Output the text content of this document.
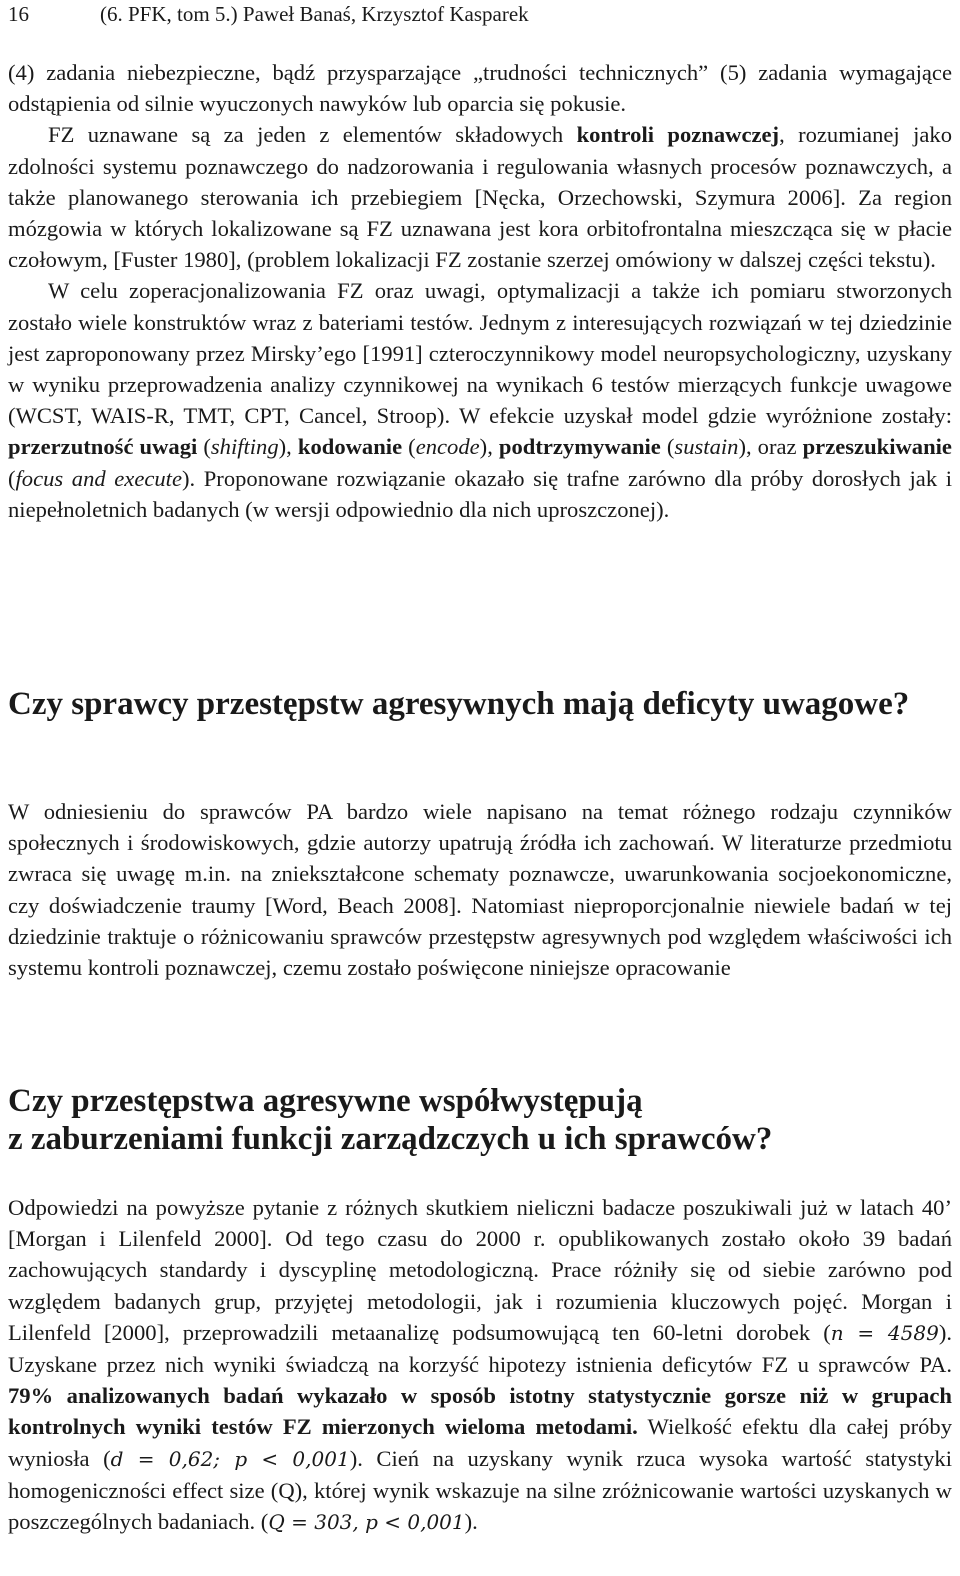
16	(6. PFK, tom 5.) Paweł Banaś, Krzysztof Kasparek

(4) zadania niebezpieczne, bądź przysparzające „trudności technicznych” (5) zadania wymagające odstąpienia od silnie wyuczonych nawyków lub oparcia się pokusie.

FZ uznawane są za jeden z elementów składowych kontroli poznawczej, rozumianej jako zdolności systemu poznawczego do nadzorowania i regulowania własnych procesów poznawczych, a także planowanego sterowania ich przebiegiem [Nęcka, Orzechowski, Szymura 2006]. Za region mózgowia w których lokalizowane są FZ uznawana jest kora orbitofrontalna mieszcząca się w płacie czołowym, [Fuster 1980], (problem lokalizacji FZ zostanie szerzej omówiony w dalszej części tekstu).

W celu zoperacjonalizowania FZ oraz uwagi, optymalizacji a także ich pomiaru stworzonych zostało wiele konstruktów wraz z bateriami testów. Jednym z interesujących rozwiązań w tej dziedzinie jest zaproponowany przez Mirsky’ego [1991] czteroczynnikowy model neuropsychologiczny, uzyskany w wyniku przeprowadzenia analizy czynnikowej na wynikach 6 testów mierzących funkcje uwagowe (WCST, WAIS-R, TMT, CPT, Cancel, Stroop). W efekcie uzyskał model gdzie wyróżnione zostały: przerzutność uwagi (shifting), kodowanie (encode), podtrzymywanie (sustain), oraz przeszukiwanie (focus and execute). Proponowane rozwiązanie okazało się trafne zarówno dla próby dorosłych jak i niepełnoletnich badanych (w wersji odpowiednio dla nich uproszczonej).

Czy sprawcy przestępstw agresywnych mają deficyty uwagowe?

W odniesieniu do sprawców PA bardzo wiele napisano na temat różnego rodzaju czynników społecznych i środowiskowych, gdzie autorzy upatrują źródła ich zachowań. W literaturze przedmiotu zwraca się uwagę m.in. na zniekształcone schematy poznawcze, uwarunkowania socjoekonomiczne, czy doświadczenie traumy [Word, Beach 2008]. Natomiast nieproporcjonalnie niewiele badań w tej dziedzinie traktuje o różnicowaniu sprawców przestępstw agresywnych pod względem właściwości ich systemu kontroli poznawczej, czemu zostało poświęcone niniejsze opracowanie

Czy przestępstwa agresywne współwystępują
z zaburzeniami funkcji zarządzczych u ich sprawców?

Odpowiedzi na powyższe pytanie z różnych skutkiem nieliczni badacze poszukiwali już w latach 40’ [Morgan i Lilenfeld 2000]. Od tego czasu do 2000 r. opublikowanych zostało około 39 badań zachowujących standardy i dyscyplinę metodologiczną. Prace różniły się od siebie zarówno pod względem badanych grup, przyjętej metodologii, jak i rozumienia kluczowych pojęć. Morgan i Lilenfeld [2000], przeprowadzili metaanalizę podsumowującą ten 60-letni dorobek (n = 4589). Uzyskane przez nich wyniki świadczą na korzyść hipotezy istnienia deficytów FZ u sprawców PA. 79% analizowanych badań wykazało w sposób istotny statystycznie gorsze niż w grupach kontrolnych wyniki testów FZ mierzonych wieloma metodami. Wielkość efektu dla całej próby wyniosła (d = 0,62; p < 0,001). Cień na uzyskany wynik rzuca wysoka wartość statystyki homogeniczności effect size (Q), której wynik wskazuje na silne zróżnicowanie wartości uzyskanych w poszczególnych badaniach. (Q = 303, p < 0,001).
